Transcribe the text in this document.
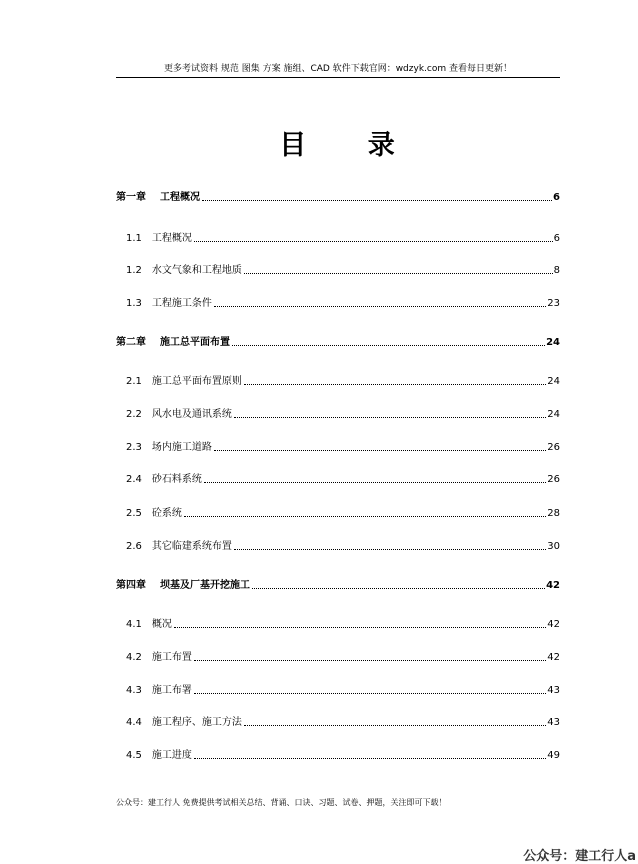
更多考试资料 规范 图集 方案 施组、CAD 软件下载官网：wdzyk.com 查看每日更新！
目 录
第一章 工程概况	6
1.1 工程概况	6
1.2 水文气象和工程地质	8
1.3 工程施工条件	23
第二章 施工总平面布置	24
2.1 施工总平面布置原则	24
2.2 风水电及通讯系统	24
2.3 场内施工道路	26
2.4 砂石料系统	26
2.5 砼系统	28
2.6 其它临建系统布置	30
第四章 坝基及厂基开挖施工	42
4.1 概况	42
4.2 施工布置	42
4.3 施工布署	43
4.4 施工程序、施工方法	43
4.5 施工进度	49
公众号：建工行人 免费提供考试相关总结、背诵、口诀、习题、试卷、押题，关注即可下载！
公众号：建工行人a
